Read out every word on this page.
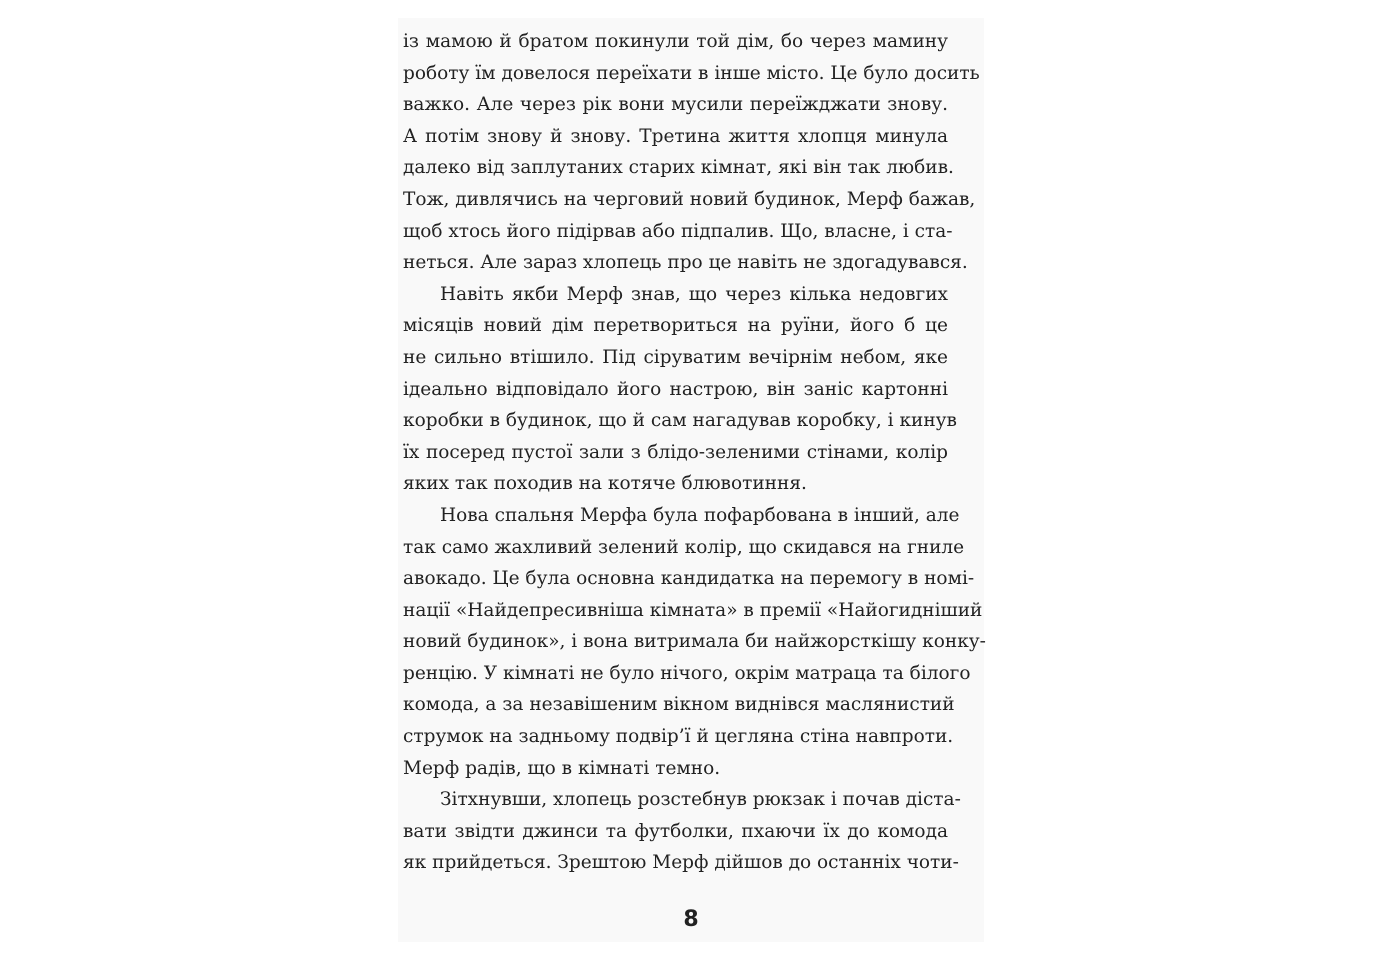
із мамою й братом покинули той дім, бо через мамину
роботу їм довелося переїхати в інше місто. Це було досить
важко. Але через рік вони мусили переїжджати знову.
А потім знову й знову. Третина життя хлопця минула
далеко від заплутаних старих кімнат, які він так любив.
Тож, дивлячись на черговий новий будинок, Мерф бажав,
щоб хтось його підірвав або підпалив. Що, власне, і ста-
неться. Але зараз хлопець про це навіть не здогадувався.
Навіть якби Мерф знав, що через кілька недовгих
місяців новий дім перетвориться на руїни, його б це
не сильно втішило. Під сіруватим вечірнім небом, яке
ідеально відповідало його настрою, він заніс картонні
коробки в будинок, що й сам нагадував коробку, і кинув
їх посеред пустої зали з блідо-зеленими стінами, колір
яких так походив на котяче блювотиння.
Нова спальня Мерфа була пофарбована в інший, але
так само жахливий зелений колір, що скидався на гниле
авокадо. Це була основна кандидатка на перемогу в номі-
нації «Найдепресивніша кімната» в премії «Найогидніший
новий будинок», і вона витримала би найжорсткішу конку-
ренцію. У кімнаті не було нічого, окрім матраца та білого
комода, а за незавішеним вікном виднівся маслянистий
струмок на задньому подвір’ї й цегляна стіна навпроти.
Мерф радів, що в кімнаті темно.
Зітхнувши, хлопець розстебнув рюкзак і почав діста-
вати звідти джинси та футболки, пхаючи їх до комода
як прийдеться. Зрештою Мерф дійшов до останніх чоти-
8
